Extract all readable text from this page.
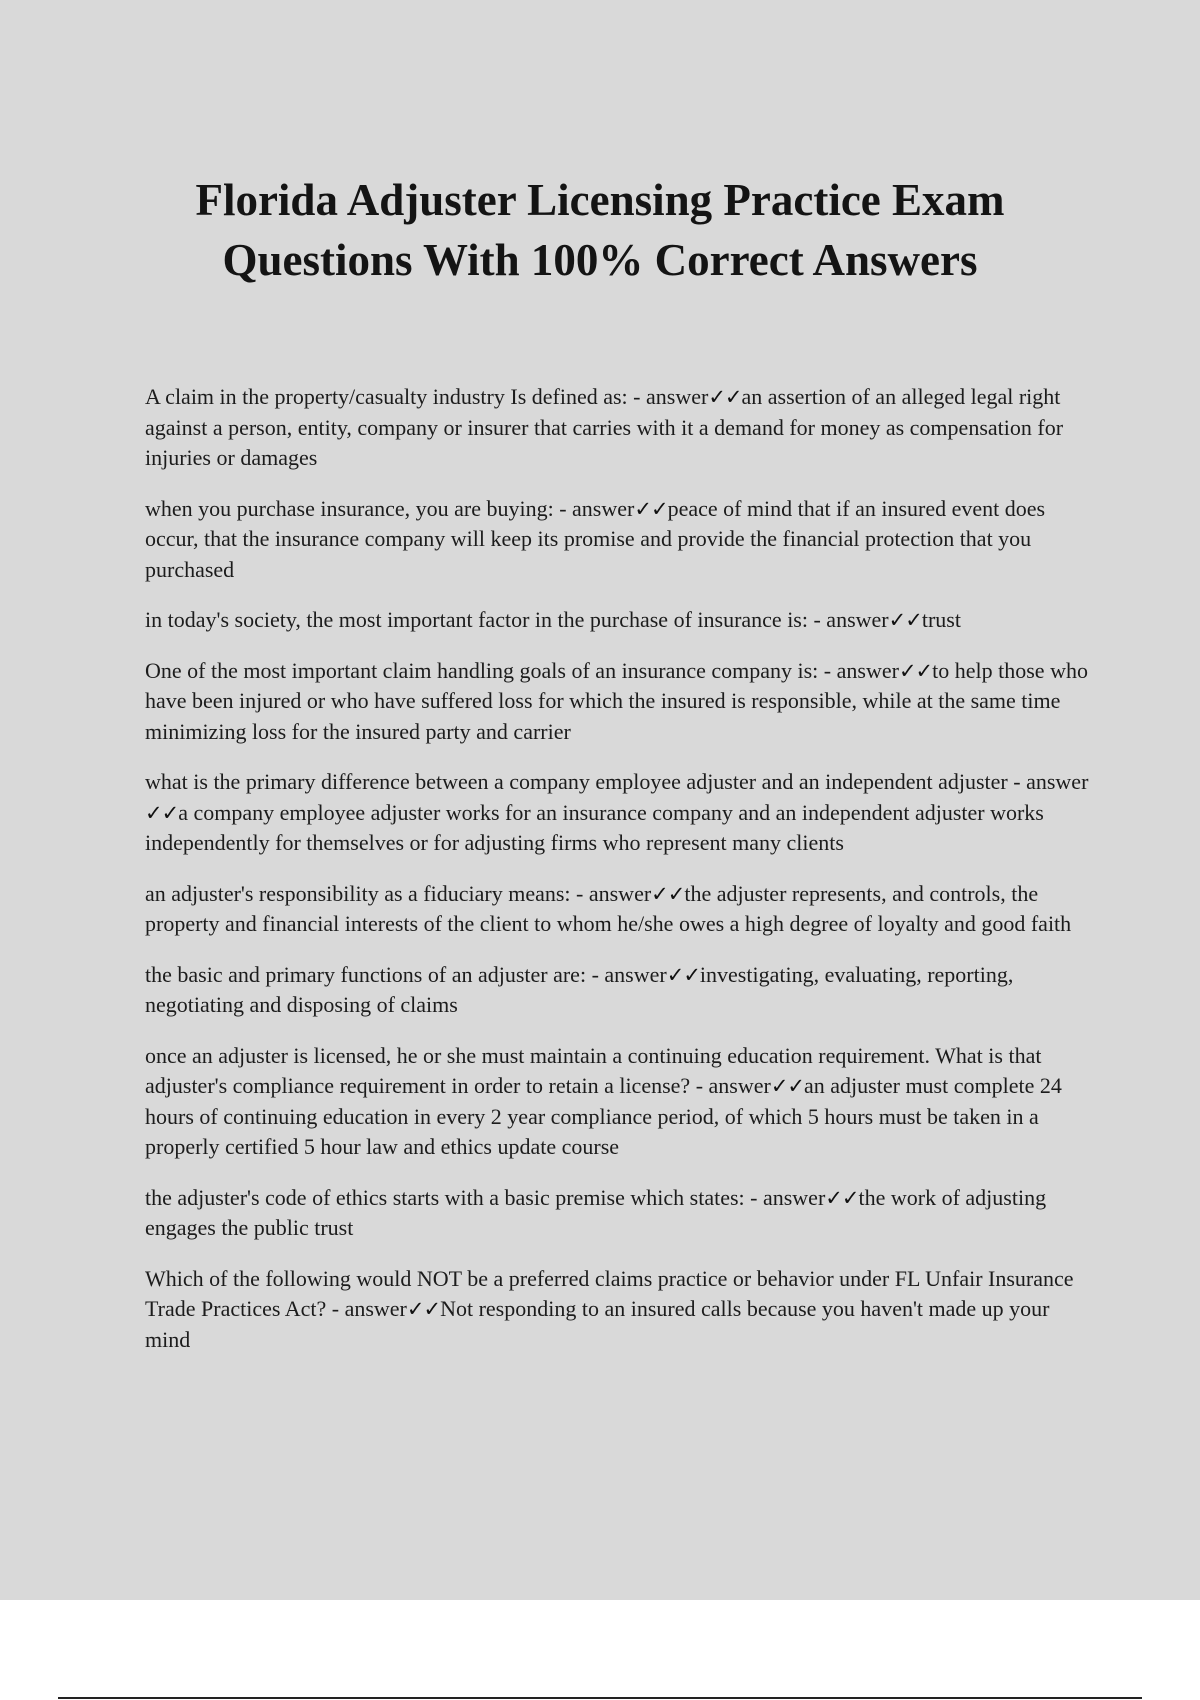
Florida Adjuster Licensing Practice Exam
Questions With 100% Correct Answers

A claim in the property/casualty industry Is defined as: - answer✓✓an assertion of an alleged legal right against a person, entity, company or insurer that carries with it a demand for money as compensation for injuries or damages

when you purchase insurance, you are buying: - answer✓✓peace of mind that if an insured event does occur, that the insurance company will keep its promise and provide the financial protection that you purchased

in today's society, the most important factor in the purchase of insurance is: - answer✓✓trust

One of the most important claim handling goals of an insurance company is: - answer✓✓to help those who have been injured or who have suffered loss for which the insured is responsible, while at the same time minimizing loss for the insured party and carrier

what is the primary difference between a company employee adjuster and an independent adjuster - answer✓✓a company employee adjuster works for an insurance company and an independent adjuster works independently for themselves or for adjusting firms who represent many clients

an adjuster's responsibility as a fiduciary means: - answer✓✓the adjuster represents, and controls, the property and financial interests of the client to whom he/she owes a high degree of loyalty and good faith

the basic and primary functions of an adjuster are: - answer✓✓investigating, evaluating, reporting, negotiating and disposing of claims

once an adjuster is licensed, he or she must maintain a continuing education requirement. What is that adjuster's compliance requirement in order to retain a license? - answer✓✓an adjuster must complete 24 hours of continuing education in every 2 year compliance period, of which 5 hours must be taken in a properly certified 5 hour law and ethics update course

the adjuster's code of ethics starts with a basic premise which states: - answer✓✓the work of adjusting engages the public trust

Which of the following would NOT be a preferred claims practice or behavior under FL Unfair Insurance Trade Practices Act? - answer✓✓Not responding to an insured calls because you haven't made up your mind
